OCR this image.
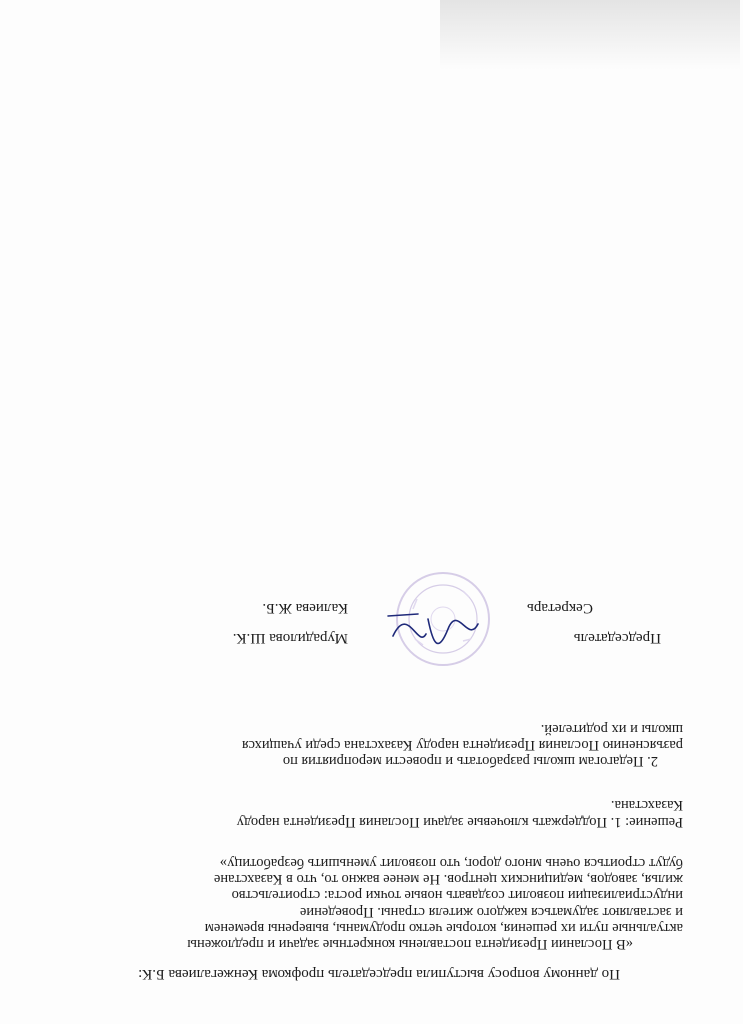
По данному вопросу выступила председатель профкома Кенжегалиева Б.К:
«В Послании Президента поставлены конкретные задачи и предложены
актуальные пути их решения, которые четко продуманы, выверены временем
и заставляют задуматься каждого жителя страны. Проведение
индустриализации позволит создавать новые точки роста: строительство
жилья, заводов, медицинских центров. Не менее важно то, что в Казахстане
будут строиться очень много дорог, что позволит уменьшить безработицу»
Решение: 1. Поддержать ключевые задачи Послания Президента народу
Казахстана.
2. Педагогам школы разработать и провести мероприятия по
разъяснению Послания Президента народу Казахстана среди учащихся
школы и их родителей.
Председатель
Мурадилова Ш.К.
Секретарь
Калиева Ж.Б.
